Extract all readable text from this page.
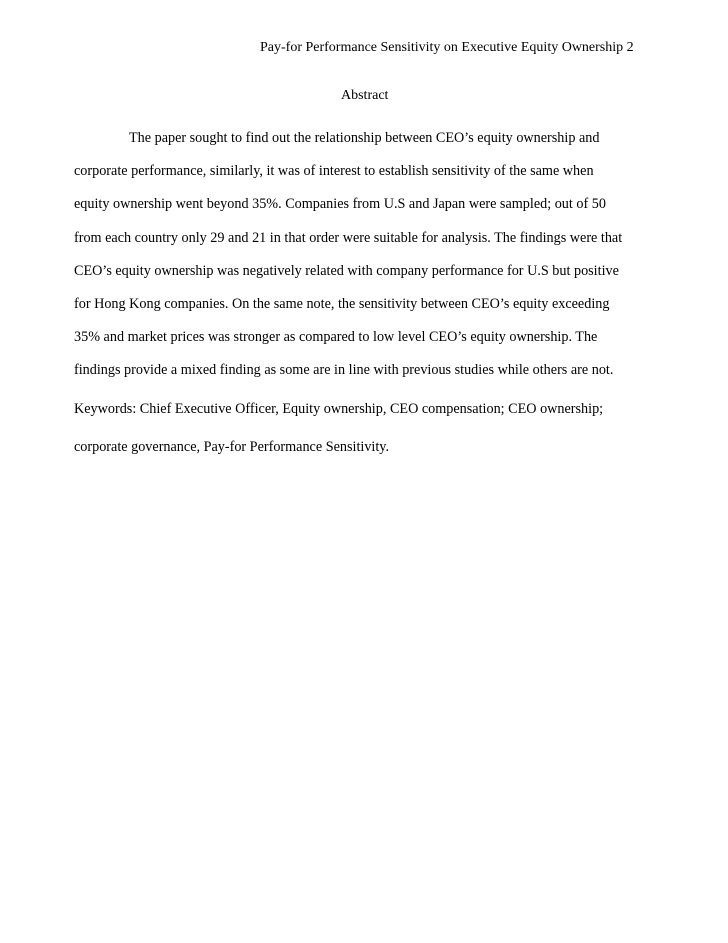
Pay-for Performance Sensitivity on Executive Equity Ownership 2
Abstract
The paper sought to find out the relationship between CEO’s equity ownership and
corporate performance, similarly, it was of interest to establish sensitivity of the same when
equity ownership went beyond 35%. Companies from U.S and Japan were sampled; out of 50
from each country only 29 and 21 in that order were suitable for analysis. The findings were that
CEO’s equity ownership was negatively related with company performance for U.S but positive
for Hong Kong companies. On the same note, the sensitivity between CEO’s equity exceeding
35% and market prices was stronger as compared to low level CEO’s equity ownership. The
findings provide a mixed finding as some are in line with previous studies while others are not.
Keywords: Chief Executive Officer, Equity ownership, CEO compensation; CEO ownership;
corporate governance, Pay-for Performance Sensitivity.
